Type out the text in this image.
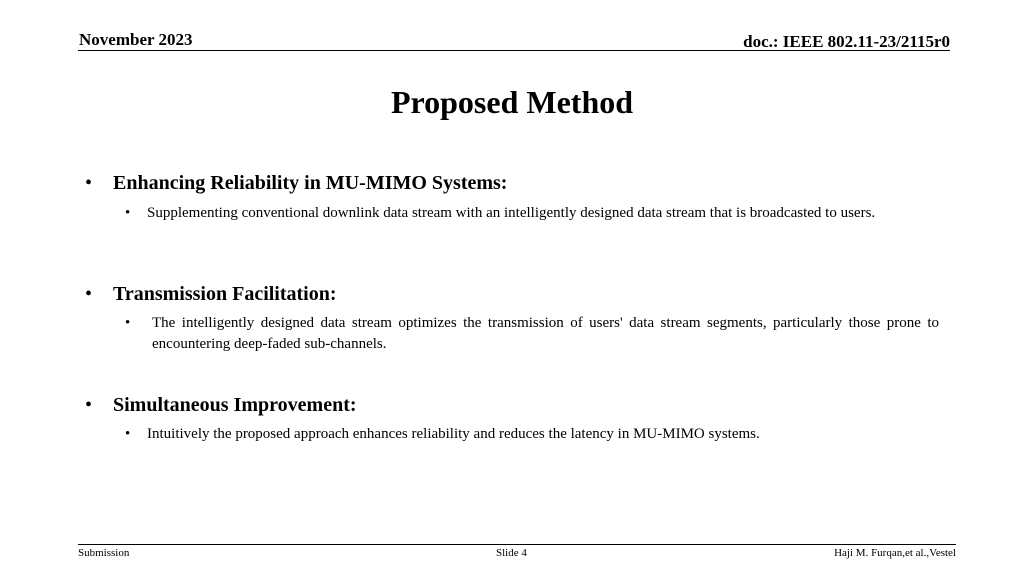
November 2023	doc.: IEEE 802.11-23/2115r0
Proposed Method
• Enhancing Reliability in MU-MIMO Systems:
• Supplementing conventional downlink data stream with an intelligently designed data stream that is broadcasted to users.
• Transmission Facilitation:
• The intelligently designed data stream optimizes the transmission of users' data stream segments, particularly those prone to encountering deep-faded sub-channels.
• Simultaneous Improvement:
• Intuitively the proposed approach enhances reliability and reduces the latency in MU-MIMO systems.
Submission	Slide 4	Haji M. Furqan,et al.,Vestel
